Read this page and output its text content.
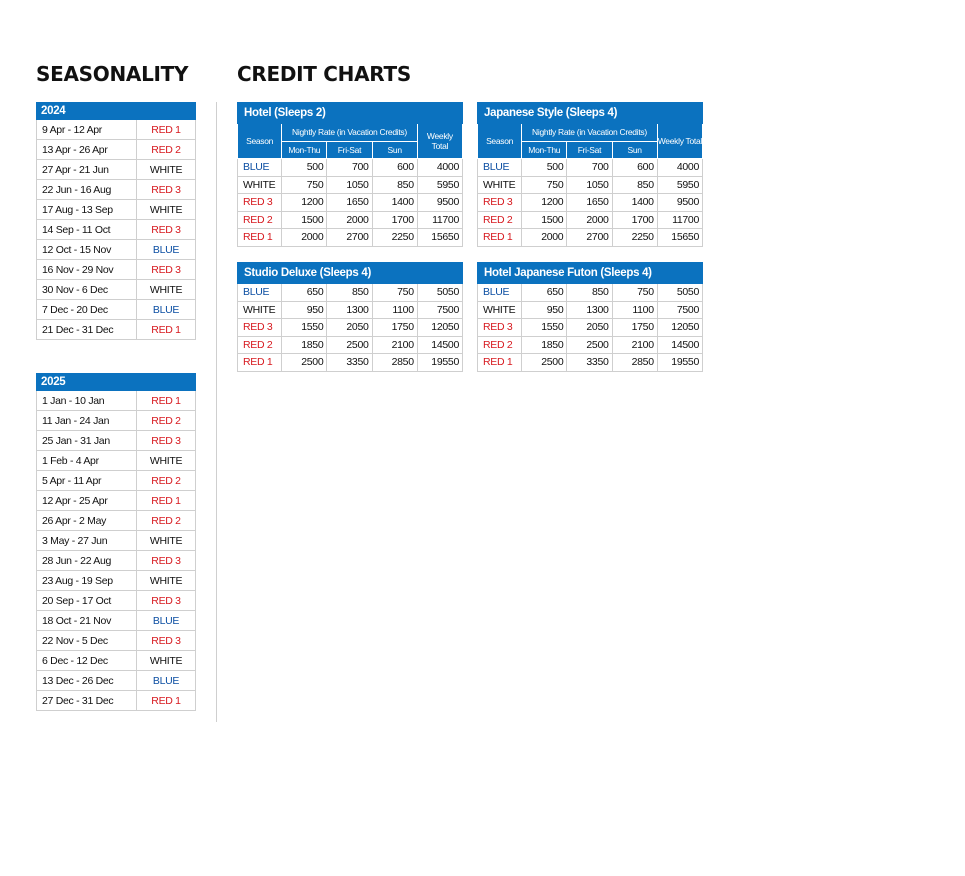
SEASONALITY CREDIT CHARTS
2024	
9 Apr - 12 Apr	RED 1
13 Apr - 26 Apr	RED 2
27 Apr - 21 Jun	WHITE
22 Jun - 16 Aug	RED 3
17 Aug - 13 Sep	WHITE
14 Sep - 11 Oct	RED 3
12 Oct - 15 Nov	BLUE
16 Nov - 29 Nov	RED 3
30 Nov - 6 Dec	WHITE
7 Dec - 20 Dec	BLUE
21 Dec - 31 Dec	RED 1
2025	
1 Jan - 10 Jan	RED 1
11 Jan - 24 Jan	RED 2
25 Jan - 31 Jan	RED 3
1 Feb - 4 Apr	WHITE
5 Apr - 11 Apr	RED 2
12 Apr - 25 Apr	RED 1
26 Apr - 2 May	RED 2
3 May - 27 Jun	WHITE
28 Jun - 22 Aug	RED 3
23 Aug - 19 Sep	WHITE
20 Sep - 17 Oct	RED 3
18 Oct - 21 Nov	BLUE
22 Nov - 5 Dec	RED 3
6 Dec - 12 Dec	WHITE
13 Dec - 26 Dec	BLUE
27 Dec - 31 Dec	RED 1
Hotel (Sleeps 2)				
Season	Nightly Rate (in Vacation Credits)			Weekly Total
	Mon-Thu	Fri-Sat	Sun	
BLUE	500	700	600	4000
WHITE	750	1050	850	5950
RED 3	1200	1650	1400	9500
RED 2	1500	2000	1700	11700
RED 1	2000	2700	2250	15650
Japanese Style (Sleeps 4)				
Season	Nightly Rate (in Vacation Credits)			Weekly Total
	Mon-Thu	Fri-Sat	Sun	
BLUE	500	700	600	4000
WHITE	750	1050	850	5950
RED 3	1200	1650	1400	9500
RED 2	1500	2000	1700	11700
RED 1	2000	2700	2250	15650
Studio Deluxe (Sleeps 4)				
BLUE	650	850	750	5050
WHITE	950	1300	1100	7500
RED 3	1550	2050	1750	12050
RED 2	1850	2500	2100	14500
RED 1	2500	3350	2850	19550
Hotel Japanese Futon (Sleeps 4)				
BLUE	650	850	750	5050
WHITE	950	1300	1100	7500
RED 3	1550	2050	1750	12050
RED 2	1850	2500	2100	14500
RED 1	2500	3350	2850	19550
